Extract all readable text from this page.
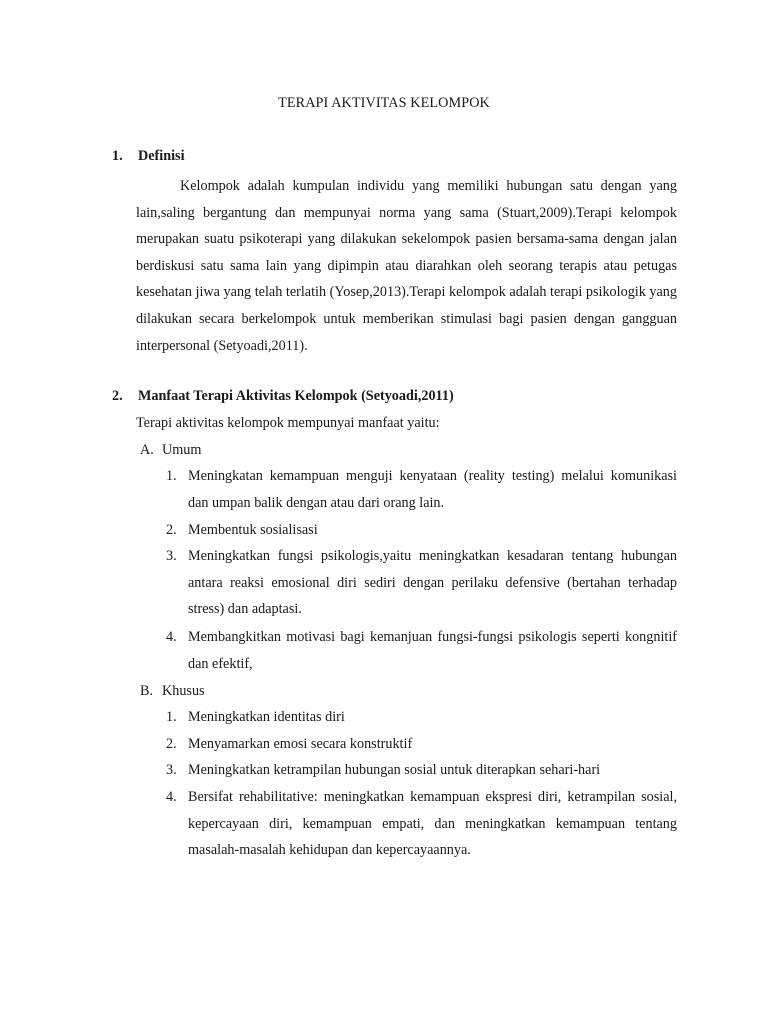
TERAPI AKTIVITAS KELOMPOK
1. Definisi
Kelompok adalah kumpulan individu yang memiliki hubungan satu dengan yang lain,saling bergantung dan mempunyai norma yang sama (Stuart,2009).Terapi kelompok merupakan suatu psikoterapi yang dilakukan sekelompok pasien bersama-sama dengan jalan berdiskusi satu sama lain yang dipimpin atau diarahkan oleh seorang terapis atau petugas kesehatan jiwa yang telah terlatih (Yosep,2013).Terapi kelompok adalah terapi psikologik yang dilakukan secara berkelompok untuk memberikan stimulasi bagi pasien dengan gangguan interpersonal (Setyoadi,2011).
2. Manfaat Terapi Aktivitas Kelompok (Setyoadi,2011)
Terapi aktivitas kelompok mempunyai manfaat yaitu:
A. Umum
1. Meningkatan kemampuan menguji kenyataan (reality testing) melalui komunikasi dan umpan balik dengan atau dari orang lain.
2. Membentuk sosialisasi
3. Meningkatkan fungsi psikologis,yaitu meningkatkan kesadaran tentang hubungan antara reaksi emosional diri sediri dengan perilaku defensive (bertahan terhadap stress) dan adaptasi.
4. Membangkitkan motivasi bagi kemanjuan fungsi-fungsi psikologis seperti kongnitif dan efektif,
B. Khusus
1. Meningkatkan identitas diri
2. Menyamarkan emosi secara konstruktif
3. Meningkatkan ketrampilan hubungan sosial untuk diterapkan sehari-hari
4. Bersifat rehabilitative: meningkatkan kemampuan ekspresi diri, ketrampilan sosial, kepercayaan diri, kemampuan empati, dan meningkatkan kemampuan tentang masalah-masalah kehidupan dan kepercayaannya.
